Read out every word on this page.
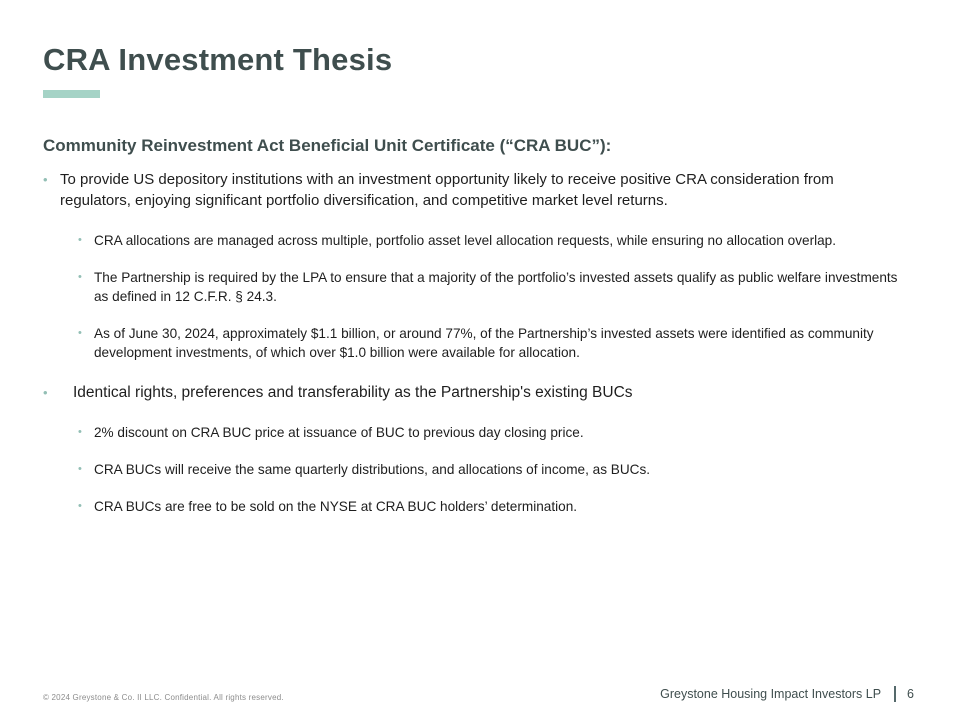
CRA Investment Thesis
Community Reinvestment Act Beneficial Unit Certificate (“CRA BUC”):
• To provide US depository institutions with an investment opportunity likely to receive positive CRA consideration from regulators, enjoying significant portfolio diversification, and competitive market level returns.
• CRA allocations are managed across multiple, portfolio asset level allocation requests, while ensuring no allocation overlap.
• The Partnership is required by the LPA to ensure that a majority of the portfolio’s invested assets qualify as public welfare investments as defined in 12 C.F.R. § 24.3.
• As of June 30, 2024, approximately $1.1 billion, or around 77%, of the Partnership’s invested assets were identified as community development investments, of which over $1.0 billion were available for allocation.
•	Identical rights, preferences and transferability as the Partnership's existing BUCs
• 2% discount on CRA BUC price at issuance of BUC to previous day closing price.
• CRA BUCs will receive the same quarterly distributions, and allocations of income, as BUCs.
• CRA BUCs are free to be sold on the NYSE at CRA BUC holders’ determination.
© 2024 Greystone & Co. II LLC. Confidential. All rights reserved.	Greystone Housing Impact Investors LP 6
